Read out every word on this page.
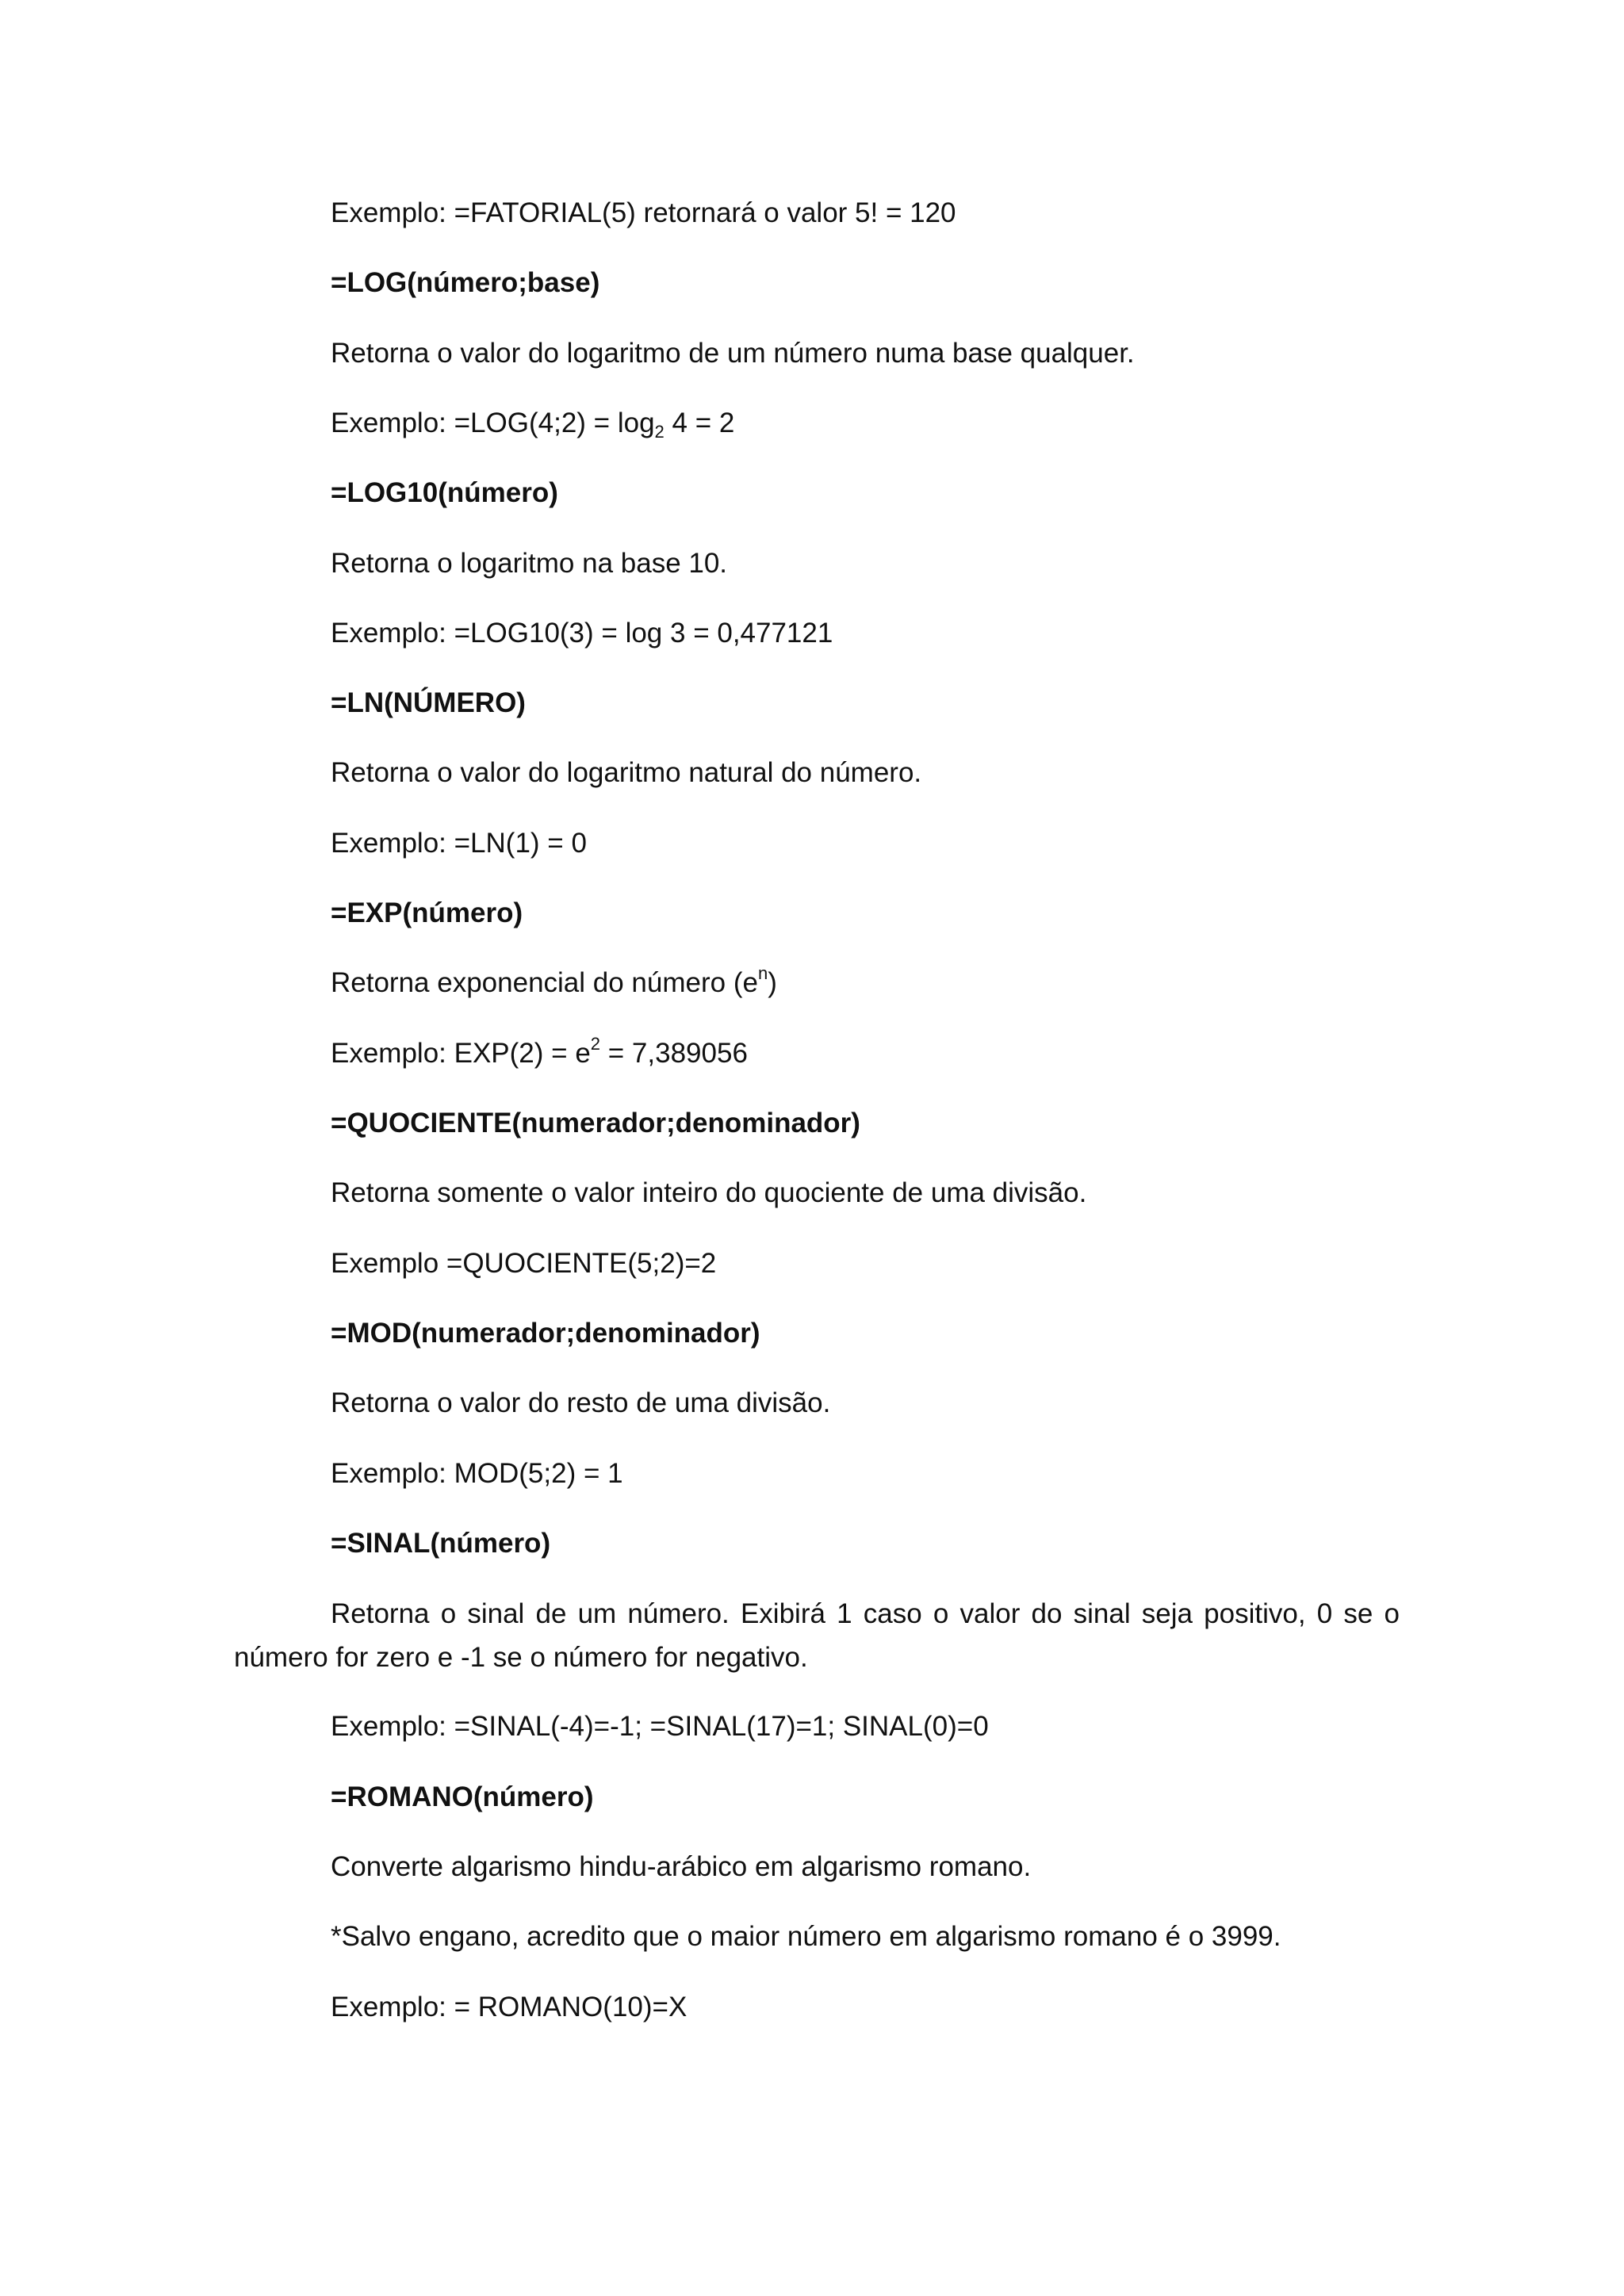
Exemplo: =FATORIAL(5) retornará o valor 5! = 120
=LOG(número;base)
Retorna o valor do logaritmo de um número numa base qualquer.
Exemplo: =LOG(4;2) = $\log_2 4 = 2$
=LOG10(número)
Retorna o logaritmo na base 10.
Exemplo: =LOG10(3) = log 3 = 0,477121
=LN(NÚMERO)
Retorna o valor do logaritmo natural do número.
Exemplo: =LN(1) = 0
=EXP(número)
Retorna exponencial do número $(e^n)$
Exemplo: $EXP(2) = e^2 = 7,389056$
=QUOCIENTE(numerador;denominador)
Retorna somente o valor inteiro do quociente de uma divisão.
Exemplo =QUOCIENTE(5;2)=2
=MOD(numerador;denominador)
Retorna o valor do resto de uma divisão.
Exemplo: MOD(5;2) = 1
=SINAL(número)
Retorna o sinal de um número. Exibirá 1 caso o valor do sinal seja positivo, 0 se o número for zero e -1 se o número for negativo.
Exemplo: =SINAL(-4)=-1; =SINAL(17)=1; SINAL(0)=0
=ROMANO(número)
Converte algarismo hindu-arábico em algarismo romano.
*Salvo engano, acredito que o maior número em algarismo romano é o 3999.
Exemplo: = ROMANO(10)=X
